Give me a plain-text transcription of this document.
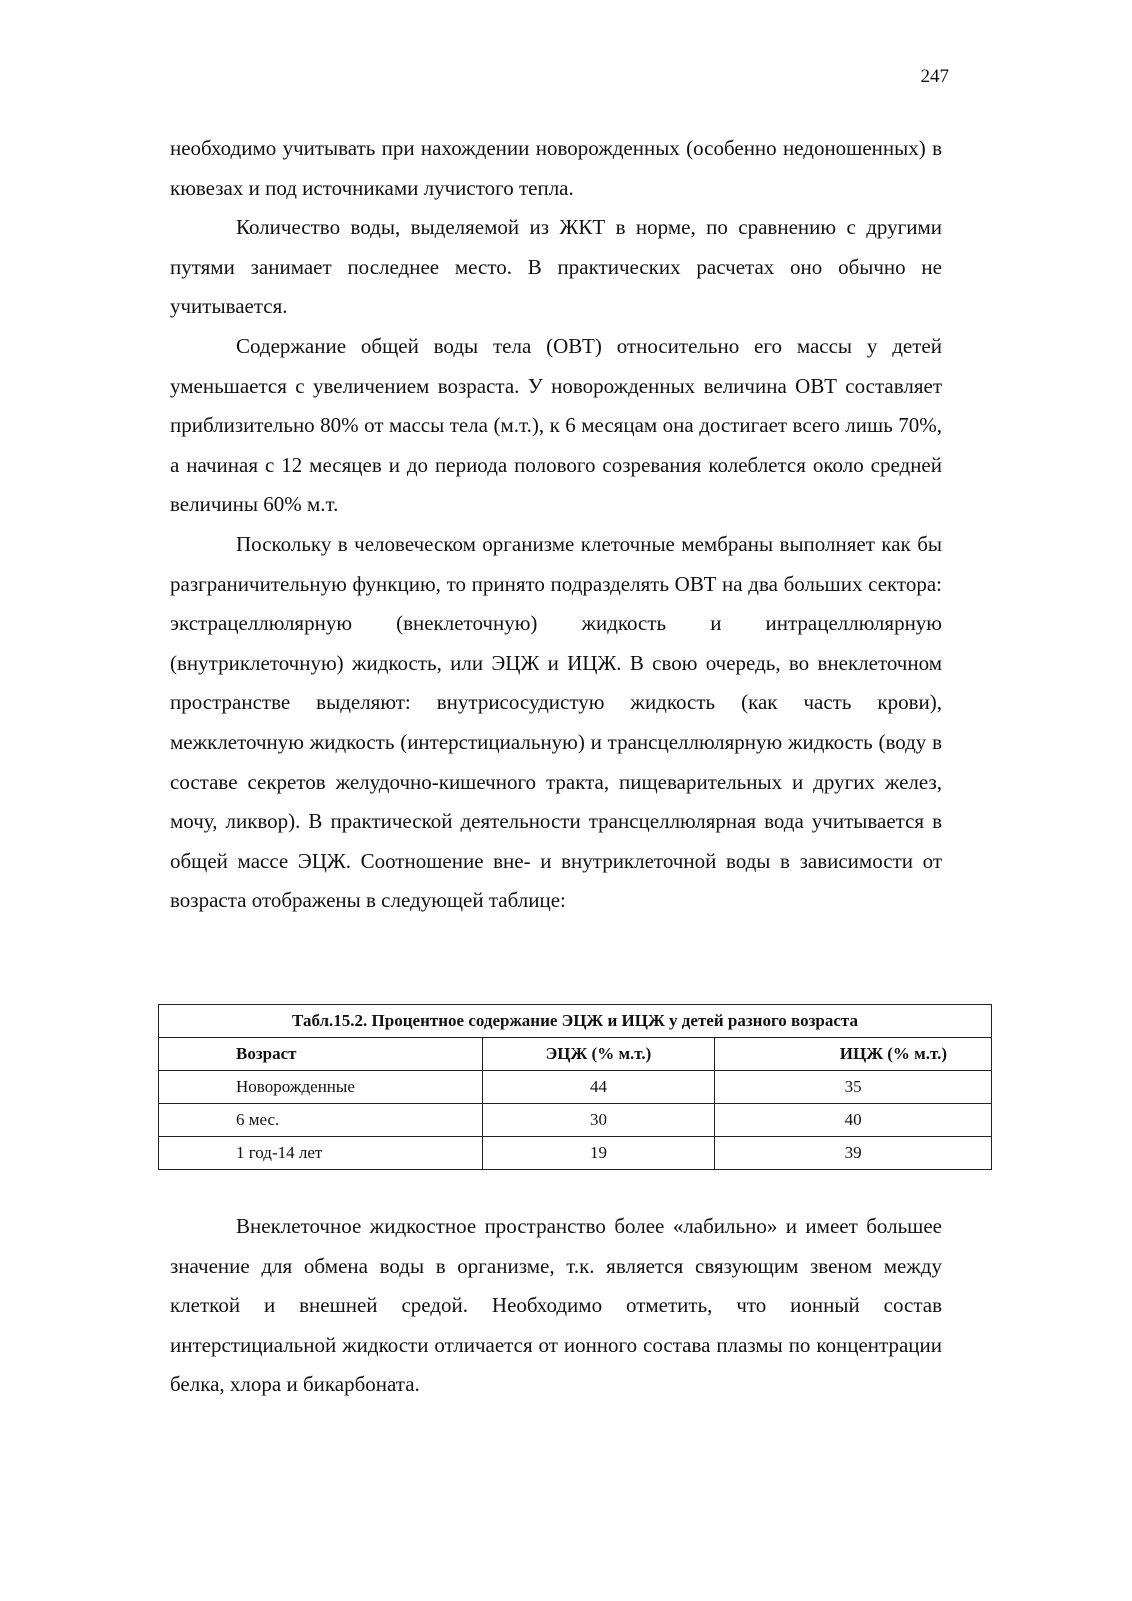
247

необходимо учитывать при нахождении новорожденных (особенно недоношенных) в кювезах и под источниками лучистого тепла.

Количество воды, выделяемой из ЖКТ в норме, по сравнению с другими путями занимает последнее место. В практических расчетах оно обычно не учитывается.

Содержание общей воды тела (ОВТ) относительно его массы у детей уменьшается с увеличением возраста. У новорожденных величина ОВТ составляет приблизительно 80% от массы тела (м.т.), к 6 месяцам она достигает всего лишь 70%, а начиная с 12 месяцев и до периода полового созревания колеблется около средней величины 60% м.т.

Поскольку в человеческом организме клеточные мембраны выполняет как бы разграничительную функцию, то принято подразделять ОВТ на два больших сектора: экстрацеллюлярную (внеклеточную) жидкость и интрацеллюлярную (внутриклеточную) жидкость, или ЭЦЖ и ИЦЖ. В свою очередь, во внеклеточном пространстве выделяют: внутрисосудистую жидкость (как часть крови), межклеточную жидкость (интерстициальную) и трансцеллюлярную жидкость (воду в составе секретов желудочно-кишечного тракта, пищеварительных и других желез, мочу, ликвор). В практической деятельности трансцеллюлярная вода учитывается в общей массе ЭЦЖ. Соотношение вне- и внутриклеточной воды в зависимости от возраста отображены в следующей таблице:

Табл.15.2. Процентное содержание ЭЦЖ и ИЦЖ у детей разного возраста		
Возраст	ЭЦЖ (% м.т.)	ИЦЖ (% м.т.)
Новорожденные	44	35
6 мес.	30	40
1 год-14 лет	19	39

Внеклеточное жидкостное пространство более «лабильно» и имеет большее значение для обмена воды в организме, т.к. является связующим звеном между клеткой и внешней средой. Необходимо отметить, что ионный состав интерстициальной жидкости отличается от ионного состава плазмы по концентрации белка, хлора и бикарбоната.
